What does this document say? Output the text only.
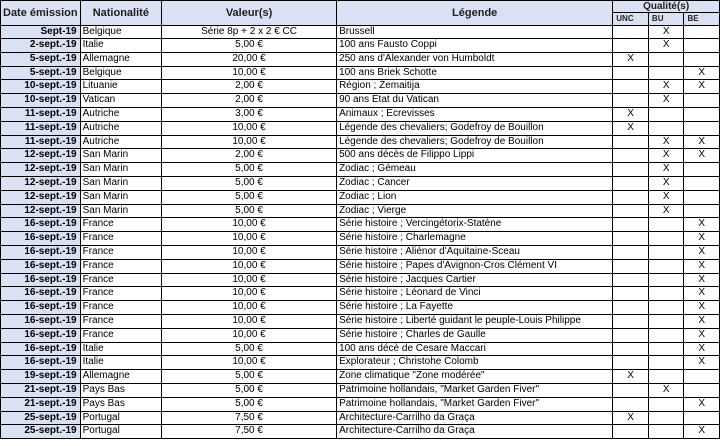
Date émission	Nationalité	Valeur(s)	Légende	Qualité(s)		
				UNC	BU	BE
Sept-19	Belgique	Série 8p + 2 x 2 € CC	Brussell		X	
2-sept.-19	Italie	5,00 €	100 ans Fausto Coppi		X	
5-sept.-19	Allemagne	20,00 €	250 ans d'Alexander von Humboldt	X		
5-sept.-19	Belgique	10,00 €	100 ans Briek Schotte			X
10-sept.-19	Lituanie	2,00 €	Région ; Žemaitija		X	X
10-sept.-19	Vatican	2,00 €	90 ans Etat du Vatican		X	
11-sept.-19	Autriche	3,00 €	Animaux ; Ecrevisses	X		
11-sept.-19	Autriche	10,00 €	Légende des chevaliers; Godefroy de Bouillon	X		
11-sept.-19	Autriche	10,00 €	Légende des chevaliers; Godefroy de Bouillon		X	X
12-sept.-19	San Marin	2,00 €	500 ans décès de Filippo Lippi		X	X
12-sept.-19	San Marin	5,00 €	Zodiac ; Gémeau		X	
12-sept.-19	San Marin	5,00 €	Zodiac ; Cancer		X	
12-sept.-19	San Marin	5,00 €	Zodiac ; Lion		X	
12-sept.-19	San Marin	5,00 €	Zodiac ; Vierge		X	
16-sept.-19	France	10,00 €	Série histoire ; Vercingétorix-Statène			X
16-sept.-19	France	10,00 €	Série histoire ; Charlemagne			X
16-sept.-19	France	10,00 €	Série histoire ; Aliénor d'Aquitaine-Sceau			X
16-sept.-19	France	10,00 €	Série histoire ; Papes d'Avignon-Cros Clément VI			X
16-sept.-19	France	10,00 €	Série histoire ; Jacques Cartier			X
16-sept.-19	France	10,00 €	Série histoire ; Léonard de Vinci			X
16-sept.-19	France	10,00 €	Série histoire ; La Fayette			X
16-sept.-19	France	10,00 €	Série histoire ; Liberté guidant le peuple-Louis Philippe			X
16-sept.-19	France	10,00 €	Série histoire ; Charles de Gaulle			X
16-sept.-19	Italie	5,00 €	100 ans décè de Cesare Maccari			X
16-sept.-19	Italie	10,00 €	Explorateur ; Christohe Colomb			X
19-sept.-19	Allemagne	5,00 €	Zone climatique "Zone modérée"	X		
21-sept.-19	Pays Bas	5,00 €	Patrimoine hollandais, "Market Garden Fiver"		X	
21-sept.-19	Pays Bas	5,00 €	Patrimoine hollandais, "Market Garden Fiver"			X
25-sept.-19	Portugal	7,50 €	Architecture-Carrilho da Graça	X		
25-sept.-19	Portugal	7,50 €	Architecture-Carrilho da Graça			X
